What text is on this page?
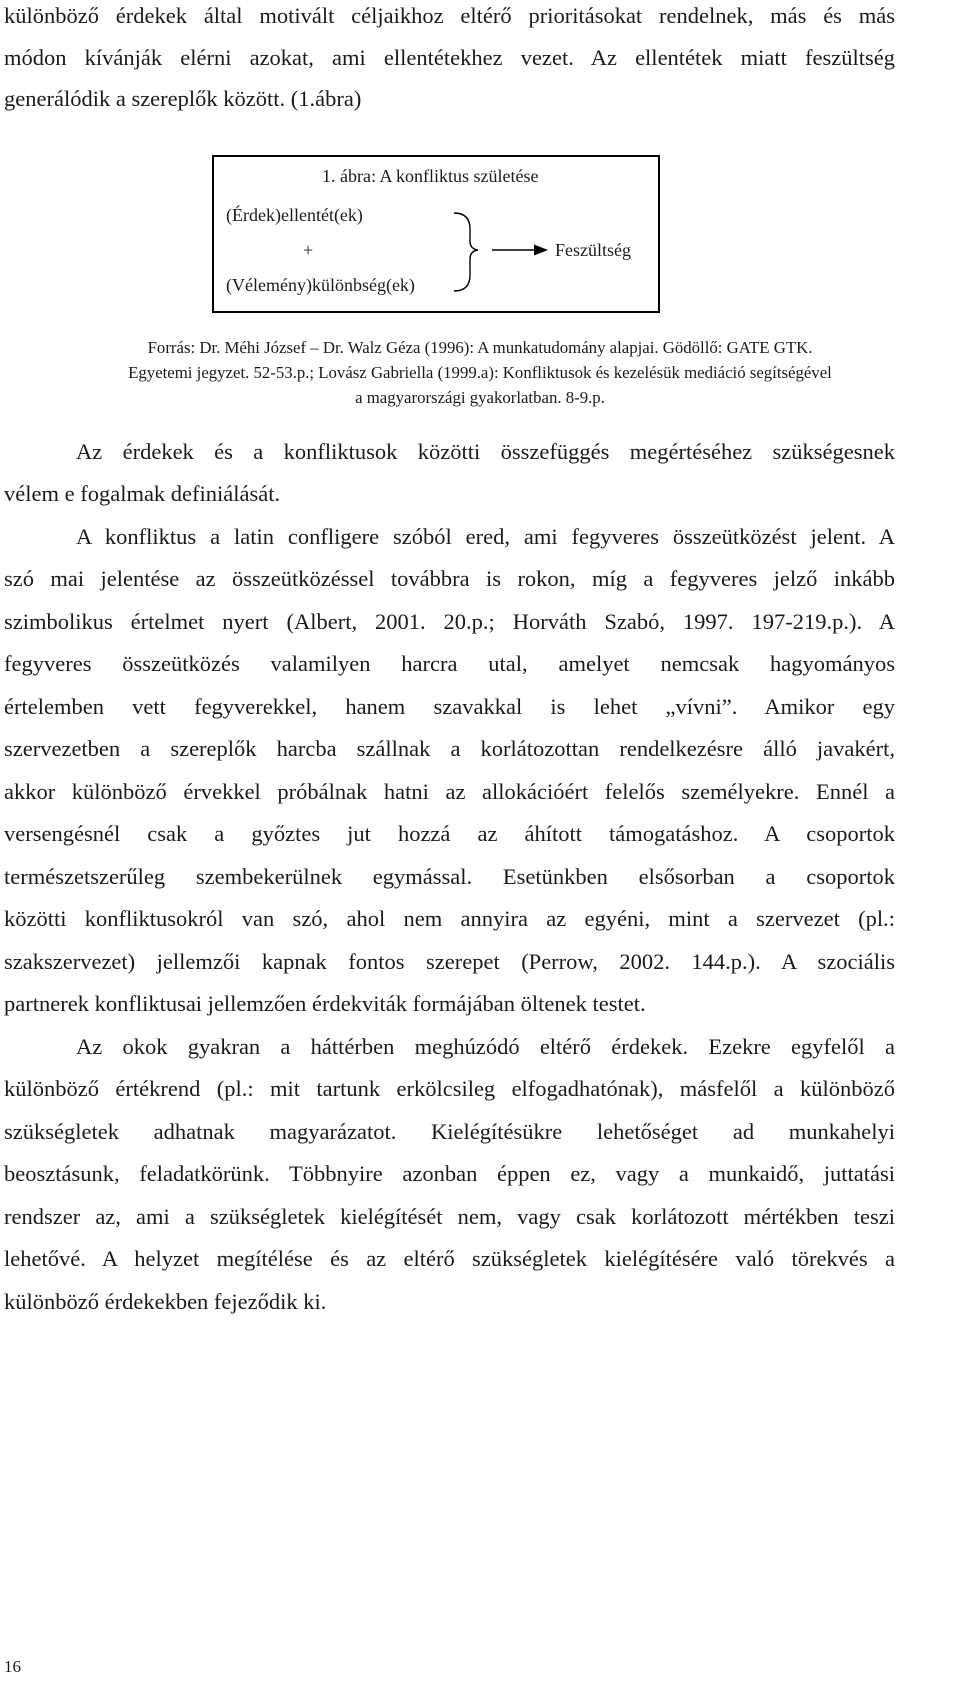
különböző érdekek által motivált céljaikhoz eltérő prioritásokat rendelnek, más és más
módon kívánják elérni azokat, ami ellentétekhez vezet. Az ellentétek miatt feszültség
generálódik a szereplők között. (1.ábra)
1. ábra: A konfliktus születése
(Érdek)ellentét(ek)
+
(Vélemény)különbség(ek)
Feszültség
Forrás: Dr. Méhi József – Dr. Walz Géza (1996): A munkatudomány alapjai. Gödöllő: GATE GTK.
Egyetemi jegyzet. 52-53.p.; Lovász Gabriella (1999.a): Konfliktusok és kezelésük mediáció segítségével
a magyarországi gyakorlatban. 8-9.p.
Az érdekek és a konfliktusok közötti összefüggés megértéséhez szükségesnek
vélem e fogalmak definiálását.
A konfliktus a latin confligere szóból ered, ami fegyveres összeütközést jelent. A
szó mai jelentése az összeütközéssel továbbra is rokon, míg a fegyveres jelző inkább
szimbolikus értelmet nyert (Albert, 2001. 20.p.; Horváth Szabó, 1997. 197-219.p.). A
fegyveres összeütközés valamilyen harcra utal, amelyet nemcsak hagyományos
értelemben vett fegyverekkel, hanem szavakkal is lehet „vívni”. Amikor egy
szervezetben a szereplők harcba szállnak a korlátozottan rendelkezésre álló javakért,
akkor különböző érvekkel próbálnak hatni az allokációért felelős személyekre. Ennél a
versengésnél csak a győztes jut hozzá az áhított támogatáshoz. A csoportok
természetszerűleg szembekerülnek egymással. Esetünkben elsősorban a csoportok
közötti konfliktusokról van szó, ahol nem annyira az egyéni, mint a szervezet (pl.:
szakszervezet) jellemzői kapnak fontos szerepet (Perrow, 2002. 144.p.). A szociális
partnerek konfliktusai jellemzően érdekviták formájában öltenek testet.
Az okok gyakran a háttérben meghúzódó eltérő érdekek. Ezekre egyfelől a
különböző értékrend (pl.: mit tartunk erkölcsileg elfogadhatónak), másfelől a különböző
szükségletek adhatnak magyarázatot. Kielégítésükre lehetőséget ad munkahelyi
beosztásunk, feladatkörünk. Többnyire azonban éppen ez, vagy a munkaidő, juttatási
rendszer az, ami a szükségletek kielégítését nem, vagy csak korlátozott mértékben teszi
lehetővé. A helyzet megítélése és az eltérő szükségletek kielégítésére való törekvés a
különböző érdekekben fejeződik ki.
16
